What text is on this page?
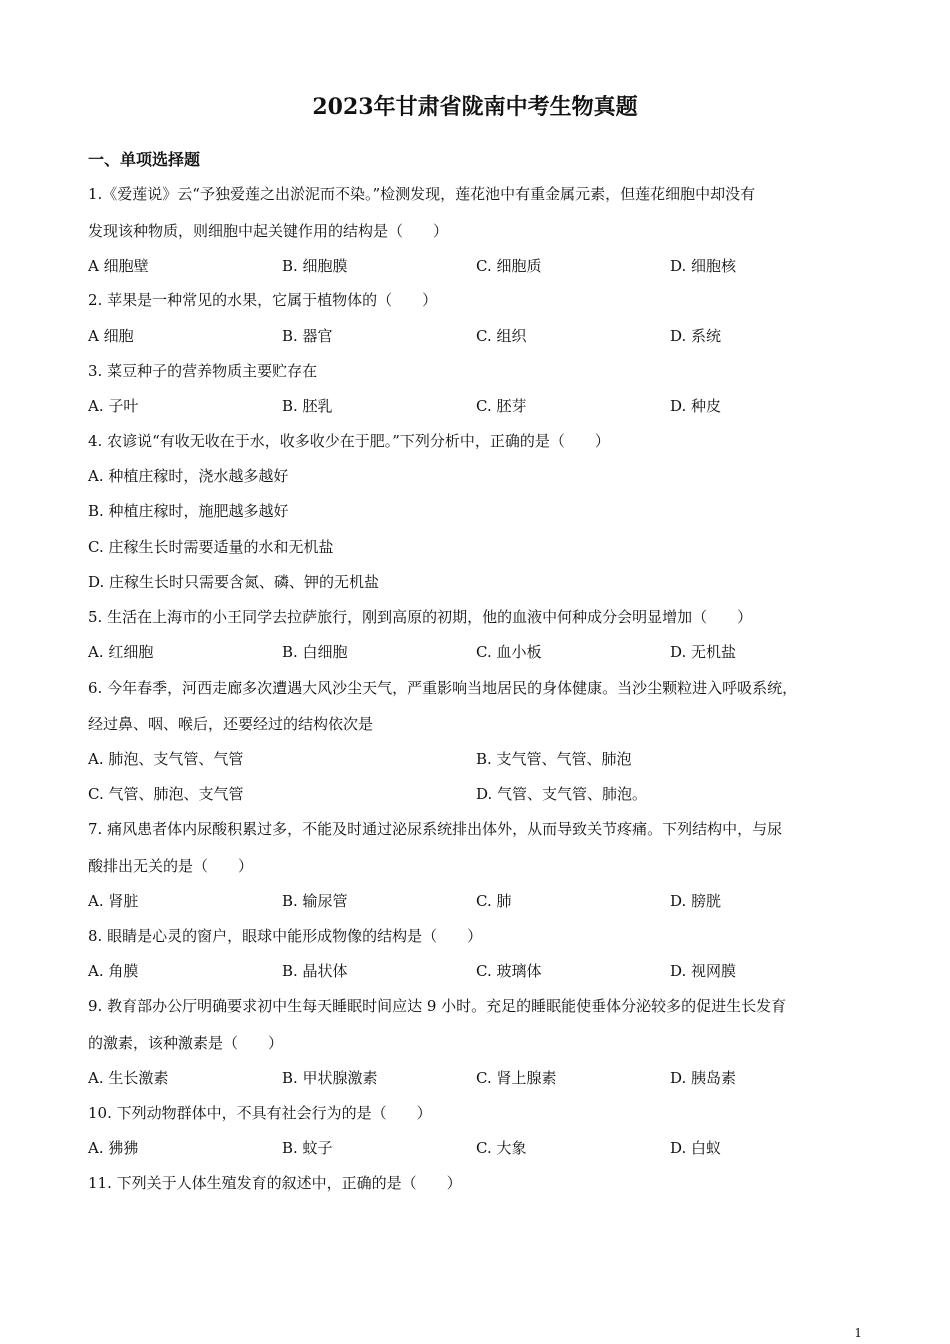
2023年甘肃省陇南中考生物真题
一、单项选择题
1.《爱莲说》云“予独爱莲之出淤泥而不染。”检测发现，莲花池中有重金属元素，但莲花细胞中却没有
发现该种物质，则细胞中起关键作用的结构是（　　）
A 细胞壁	B. 细胞膜	C. 细胞质	D. 细胞核
2. 苹果是一种常见的水果，它属于植物体的（　　）
A 细胞	B. 器官	C. 组织	D. 系统
3. 菜豆种子的营养物质主要贮存在
A. 子叶	B. 胚乳	C. 胚芽	D. 种皮
4. 农谚说“有收无收在于水，收多收少在于肥。”下列分析中，正确的是（　　）
A. 种植庄稼时，浇水越多越好
B. 种植庄稼时，施肥越多越好
C. 庄稼生长时需要适量的水和无机盐
D. 庄稼生长时只需要含氮、磷、钾的无机盐
5. 生活在上海市的小王同学去拉萨旅行，刚到高原的初期，他的血液中何种成分会明显增加（　　）
A. 红细胞	B. 白细胞	C. 血小板	D. 无机盐
6. 今年春季，河西走廊多次遭遇大风沙尘天气，严重影响当地居民的身体健康。当沙尘颗粒进入呼吸系统，
经过鼻、咽、喉后，还要经过的结构依次是
A. 肺泡、支气管、气管	B. 支气管、气管、肺泡
C. 气管、肺泡、支气管	D. 气管、支气管、肺泡。
7. 痛风患者体内尿酸积累过多，不能及时通过泌尿系统排出体外，从而导致关节疼痛。下列结构中，与尿
酸排出无关的是（　　）
A. 肾脏	B. 输尿管	C. 肺	D. 膀胱
8. 眼睛是心灵的窗户，眼球中能形成物像的结构是（　　）
A. 角膜	B. 晶状体	C. 玻璃体	D. 视网膜
9. 教育部办公厅明确要求初中生每天睡眠时间应达 9 小时。充足的睡眠能使垂体分泌较多的促进生长发育
的激素，该种激素是（　　）
A. 生长激素	B. 甲状腺激素	C. 肾上腺素	D. 胰岛素
10. 下列动物群体中，不具有社会行为的是（　　）
A. 狒狒	B. 蚊子	C. 大象	D. 白蚁
11. 下列关于人体生殖发育的叙述中，正确的是（　　）
1
